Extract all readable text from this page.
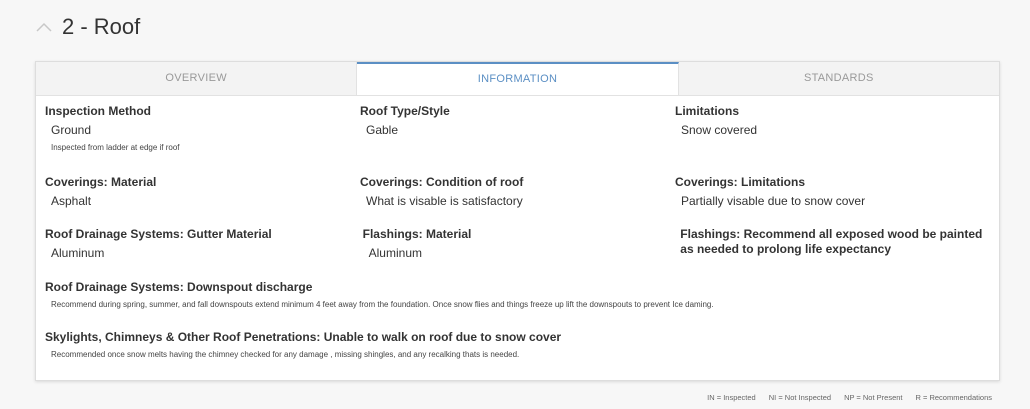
2 - Roof
OVERVIEW	INFORMATION	STANDARDS
Inspection Method
Ground
Inspected from ladder at edge if roof
Roof Type/Style
Gable
Limitations
Snow covered
Coverings: Material
Asphalt
Coverings: Condition of roof
What is visable is satisfactory
Coverings: Limitations
Partially visable due to snow cover
Roof Drainage Systems: Gutter Material
Aluminum
Flashings: Material
Aluminum
Flashings: Recommend all exposed wood be painted as needed to prolong life expectancy
Roof Drainage Systems: Downspout discharge
Recommend during spring, summer, and fall downspouts extend minimum 4 feet away from the foundation. Once snow flies and things freeze up lift the downspouts to prevent Ice daming.
Skylights, Chimneys & Other Roof Penetrations: Unable to walk on roof due to snow cover
Recommended once snow melts having the chimney checked for any damage , missing shingles, and any recalking thats is needed.
IN = Inspected NI = Not Inspected NP = Not Present R = Recommendations
